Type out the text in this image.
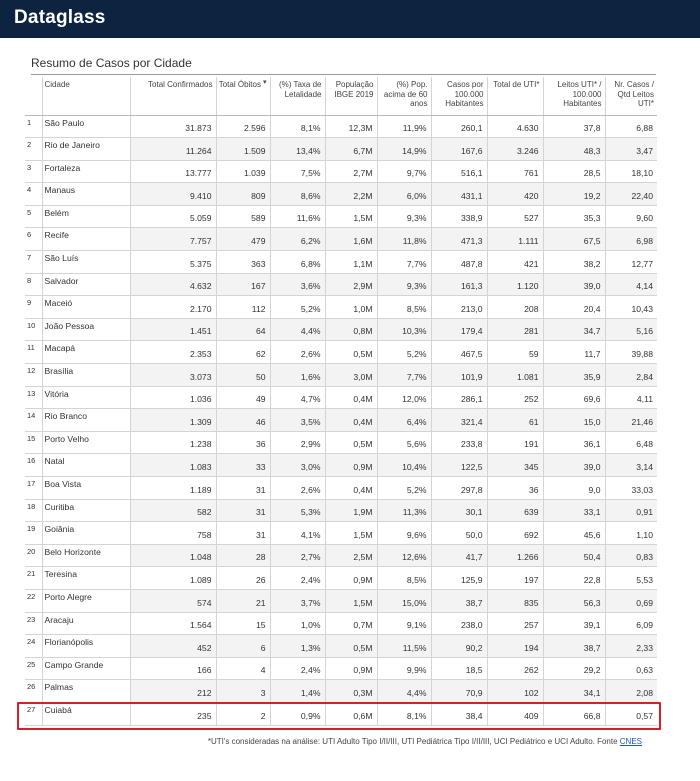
Dataglass
Resumo de Casos por Cidade
	Cidade	Total Confirmados	Total Óbitos ▾	(%) Taxa de Letalidade	População IBGE 2019	(%) Pop. acima de 60 anos	Casos por 100.000 Habitantes	Total de UTI*	Leitos UTI* / 100.000 Habitantes	Nr. Casos / Qtd Leitos UTI*
1	São Paulo	31.873	2.596	8,1%	12,3M	11,9%	260,1	4.630	37,8	6,88
2	Rio de Janeiro	11.264	1.509	13,4%	6,7M	14,9%	167,6	3.246	48,3	3,47
3	Fortaleza	13.777	1.039	7,5%	2,7M	9,7%	516,1	761	28,5	18,10
4	Manaus	9.410	809	8,6%	2,2M	6,0%	431,1	420	19,2	22,40
5	Belém	5.059	589	11,6%	1,5M	9,3%	338,9	527	35,3	9,60
6	Recife	7.757	479	6,2%	1,6M	11,8%	471,3	1.111	67,5	6,98
7	São Luís	5.375	363	6,8%	1,1M	7,7%	487,8	421	38,2	12,77
8	Salvador	4.632	167	3,6%	2,9M	9,3%	161,3	1.120	39,0	4,14
9	Maceió	2.170	112	5,2%	1,0M	8,5%	213,0	208	20,4	10,43
10	João Pessoa	1.451	64	4,4%	0,8M	10,3%	179,4	281	34,7	5,16
11	Macapá	2.353	62	2,6%	0,5M	5,2%	467,5	59	11,7	39,88
12	Brasília	3.073	50	1,6%	3,0M	7,7%	101,9	1.081	35,9	2,84
13	Vitória	1.036	49	4,7%	0,4M	12,0%	286,1	252	69,6	4,11
14	Rio Branco	1.309	46	3,5%	0,4M	6,4%	321,4	61	15,0	21,46
15	Porto Velho	1.238	36	2,9%	0,5M	5,6%	233,8	191	36,1	6,48
16	Natal	1.083	33	3,0%	0,9M	10,4%	122,5	345	39,0	3,14
17	Boa Vista	1.189	31	2,6%	0,4M	5,2%	297,8	36	9,0	33,03
18	Curitiba	582	31	5,3%	1,9M	11,3%	30,1	639	33,1	0,91
19	Goiânia	758	31	4,1%	1,5M	9,6%	50,0	692	45,6	1,10
20	Belo Horizonte	1.048	28	2,7%	2,5M	12,6%	41,7	1.266	50,4	0,83
21	Teresina	1.089	26	2,4%	0,9M	8,5%	125,9	197	22,8	5,53
22	Porto Alegre	574	21	3,7%	1,5M	15,0%	38,7	835	56,3	0,69
23	Aracaju	1.564	15	1,0%	0,7M	9,1%	238,0	257	39,1	6,09
24	Florianópolis	452	6	1,3%	0,5M	11,5%	90,2	194	38,7	2,33
25	Campo Grande	166	4	2,4%	0,9M	9,9%	18,5	262	29,2	0,63
26	Palmas	212	3	1,4%	0,3M	4,4%	70,9	102	34,1	2,08
27	Cuiabá	235	2	0,9%	0,6M	8,1%	38,4	409	66,8	0,57
*UTI's consideradas na análise: UTI Adulto Tipo I/II/III, UTI Pediátrica Tipo I/II/III, UCI Pediátrico e UCI Adulto. Fonte CNES
